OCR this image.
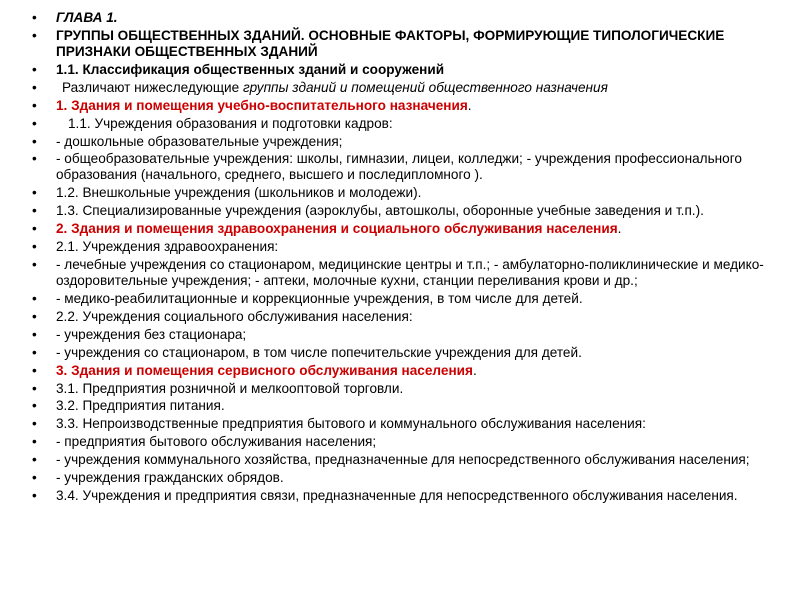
•	ГЛАВА 1.
•	ГРУППЫ ОБЩЕСТВЕННЫХ ЗДАНИЙ. ОСНОВНЫЕ ФАКТОРЫ, ФОРМИРУЮЩИЕ ТИПОЛОГИЧЕСКИЕ ПРИЗНАКИ ОБЩЕСТВЕННЫХ ЗДАНИЙ
•	1.1. Классификация общественных зданий и сооружений
•	Различают нижеследующие группы зданий и помещений общественного назначения
•	1. Здания и помещения учебно-воспитательного назначения.
•	1.1. Учреждения образования и подготовки кадров:
•	- дошкольные образовательные учреждения;
•	- общеобразовательные учреждения: школы, гимназии, лицеи, колледжи; - учреждения профессионального образования (начального, среднего, высшего и последипломного ).
•	1.2. Внешкольные учреждения (школьников и молодежи).
•	1.3. Специализированные учреждения (аэроклубы, автошколы, оборонные учебные заведения и т.п.).
•	2. Здания и помещения здравоохранения и социального обслуживания населения.
•	2.1. Учреждения здравоохранения:
•	- лечебные учреждения со стационаром, медицинские центры и т.п.; - амбулаторно-поликлинические и медико-оздоровительные учреждения; - аптеки, молочные кухни, станции переливания крови и др.;
•	- медико-реабилитационные и коррекционные учреждения, в том числе для детей.
•	2.2. Учреждения социального обслуживания населения:
•	- учреждения без стационара;
•	- учреждения со стационаром, в том числе попечительские учреждения для детей.
•	3. Здания и помещения сервисного обслуживания населения.
•	3.1. Предприятия розничной и мелкооптовой торговли.
•	3.2. Предприятия питания.
•	3.3. Непроизводственные предприятия бытового и коммунального обслуживания населения:
•	- предприятия бытового обслуживания населения;
•	- учреждения коммунального хозяйства, предназначенные для непосредственного обслуживания населения;
•	- учреждения гражданских обрядов.
•	3.4. Учреждения и предприятия связи, предназначенные для непосредственного обслуживания населения.
